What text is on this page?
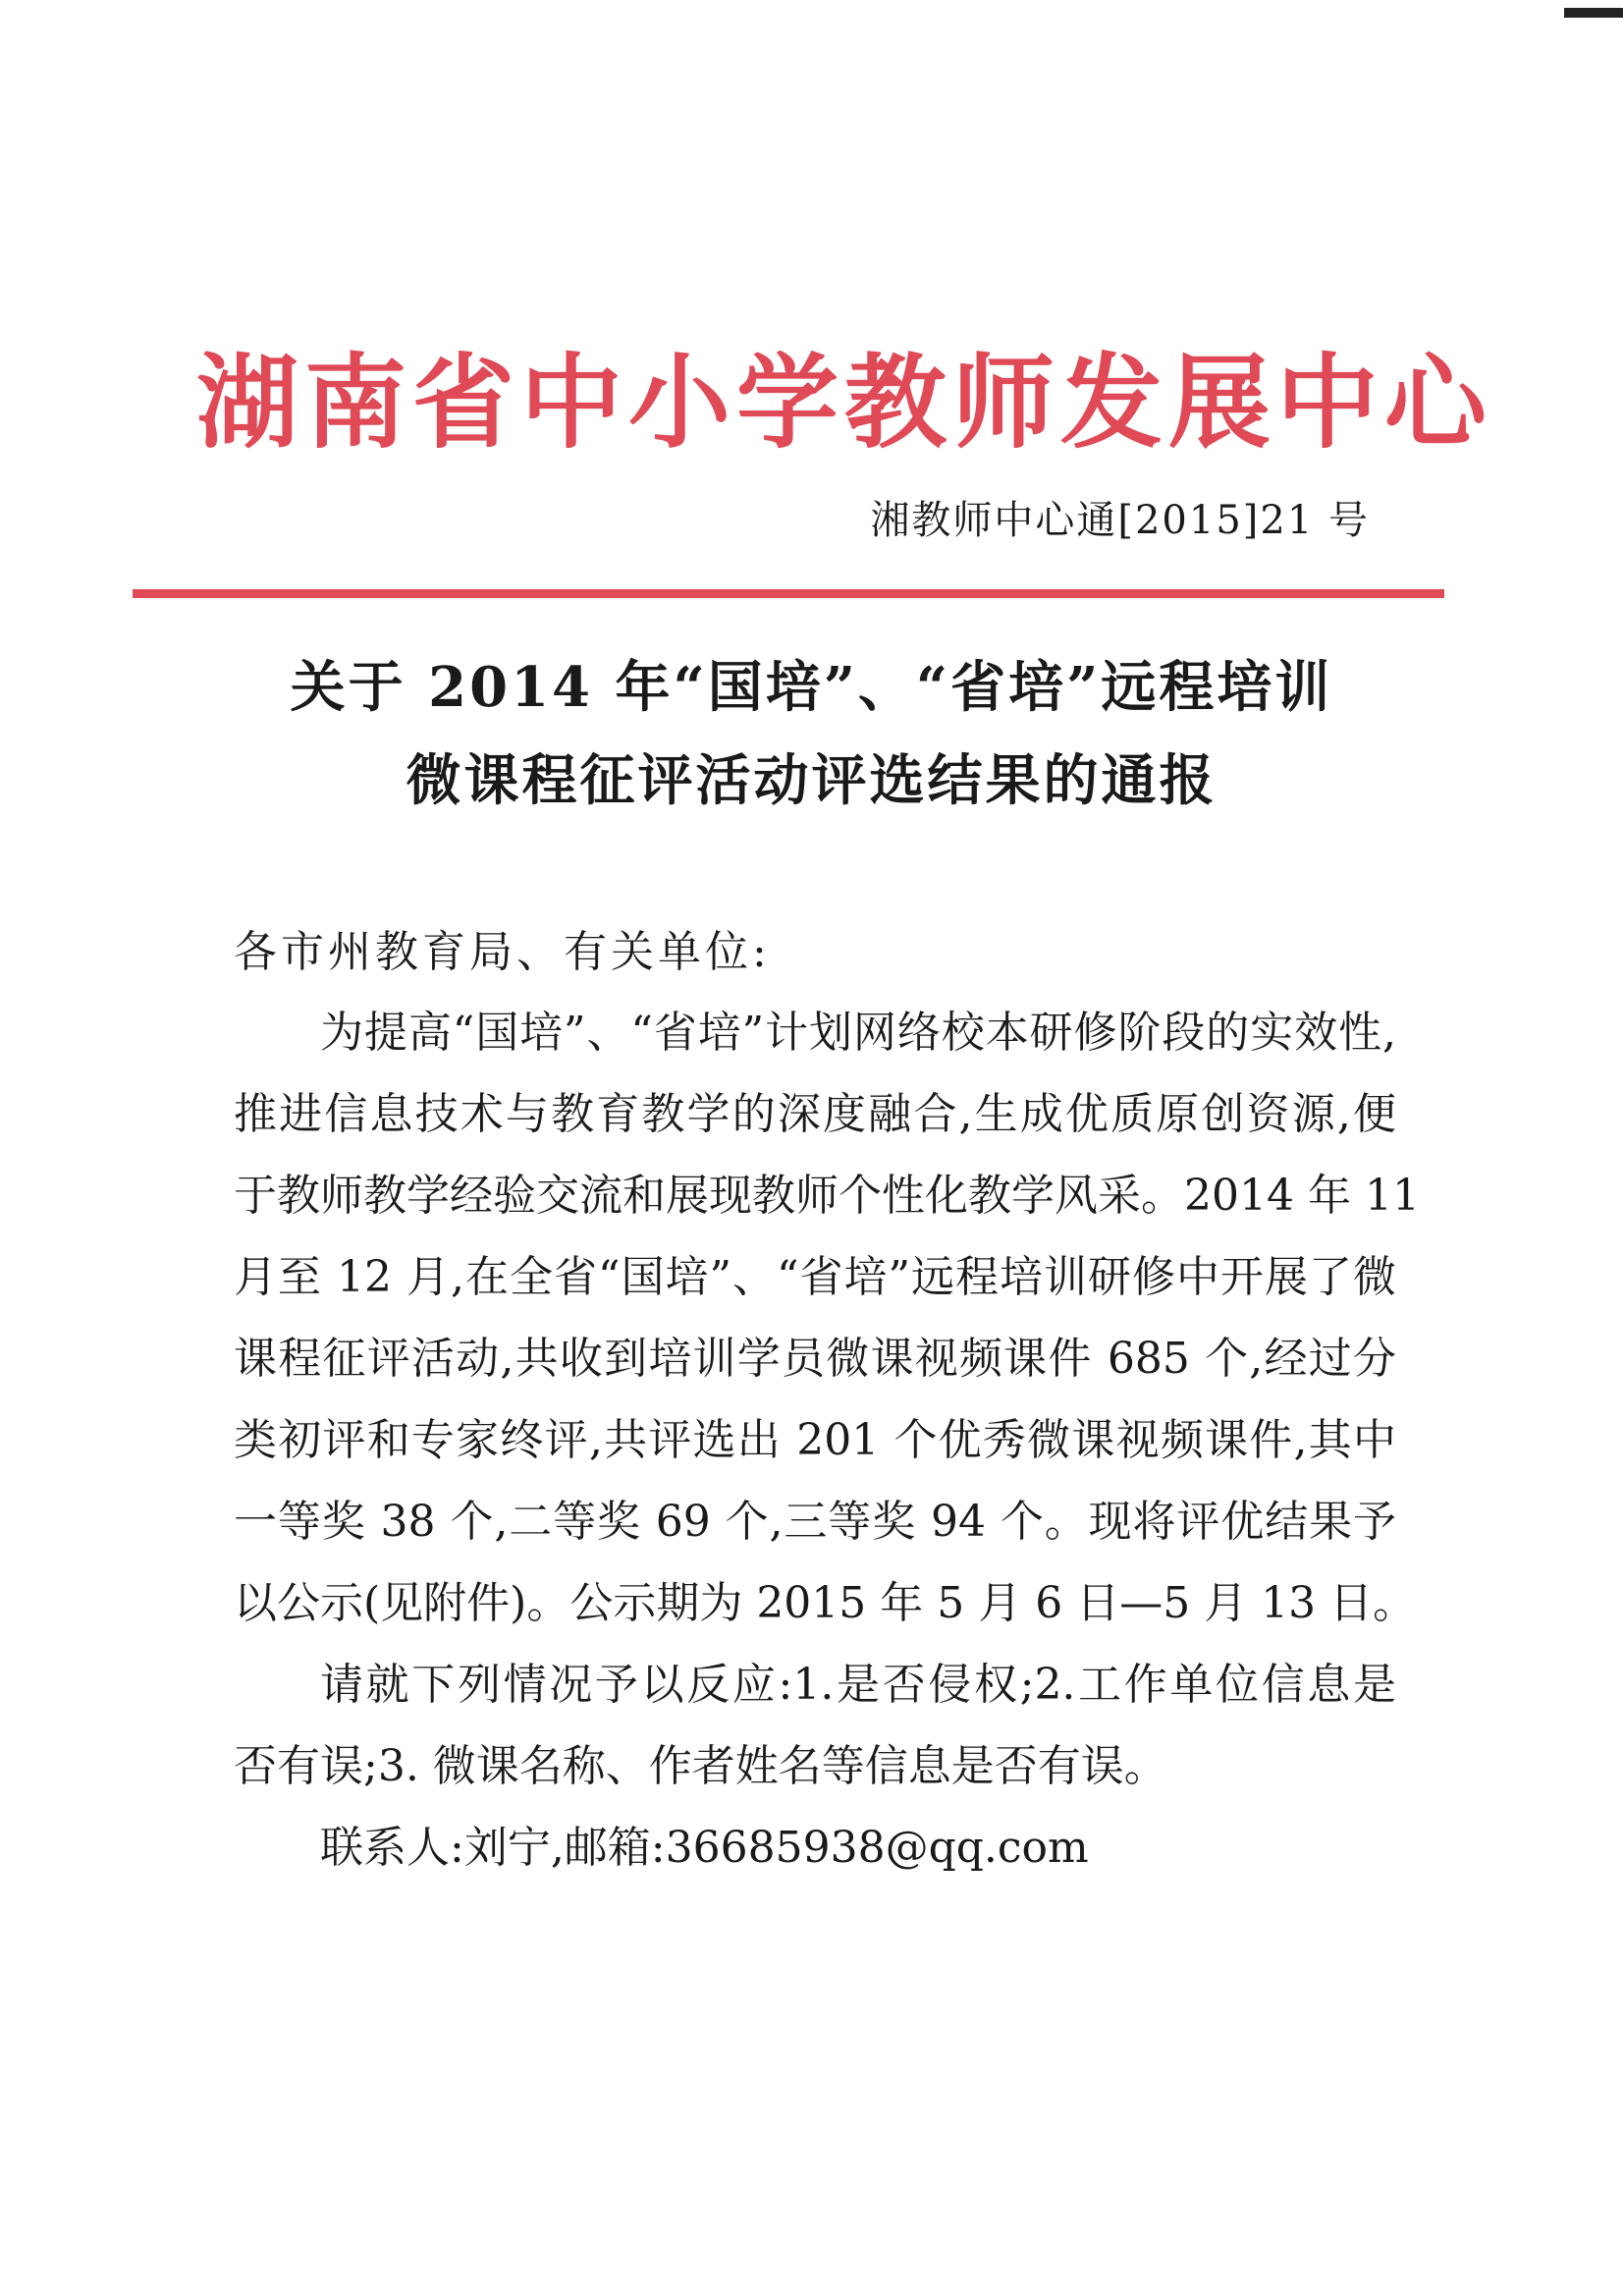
湖南省中小学教师发展中心
湘教师中心通[2015]21 号
关于 2014 年“国培”、“省培”远程培训
微课程征评活动评选结果的通报
各市州教育局、有关单位:
为提高“国培”、“省培”计划网络校本研修阶段的实效性,
推进信息技术与教育教学的深度融合,生成优质原创资源,便
于教师教学经验交流和展现教师个性化教学风采。2014 年 11
月至 12 月,在全省“国培”、“省培”远程培训研修中开展了微
课程征评活动,共收到培训学员微课视频课件 685 个,经过分
类初评和专家终评,共评选出 201 个优秀微课视频课件,其中
一等奖 38 个,二等奖 69 个,三等奖 94 个。现将评优结果予
以公示(见附件)。公示期为 2015 年 5 月 6 日—5 月 13 日。
请就下列情况予以反应:1.是否侵权;2.工作单位信息是
否有误;3. 微课名称、作者姓名等信息是否有误。
联系人:刘宁,邮箱:36685938@qq.com
